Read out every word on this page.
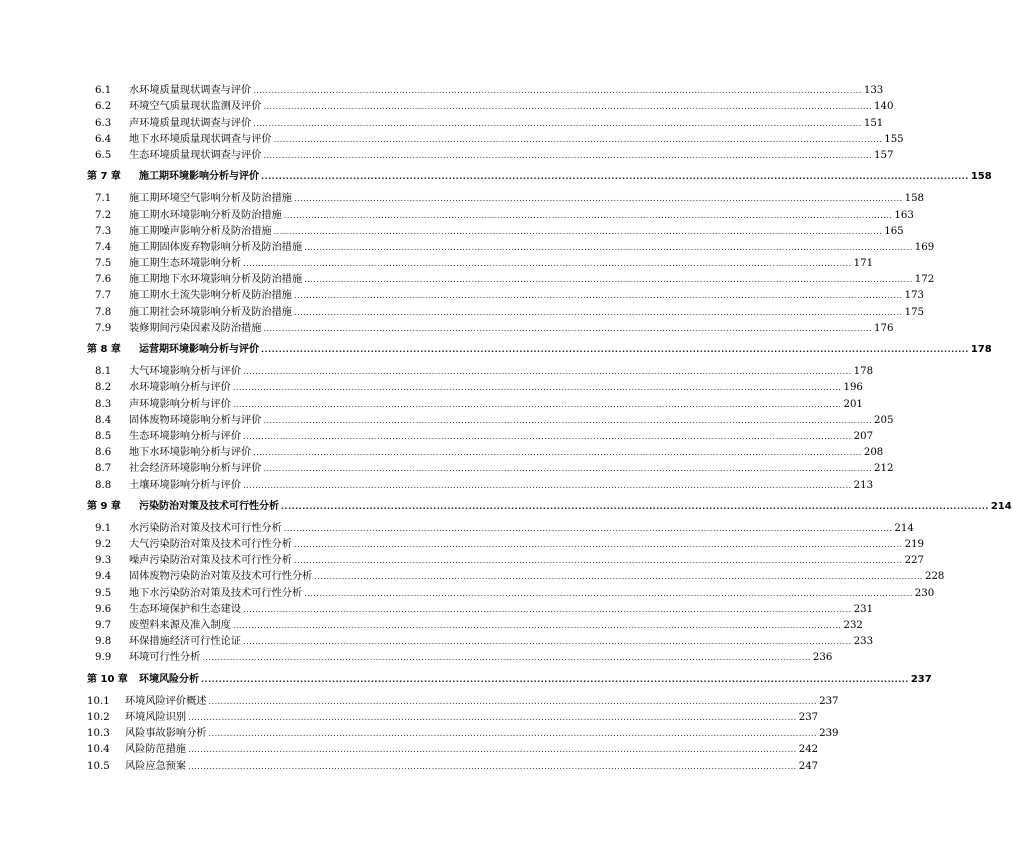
6.1	水环境质量现状调查与评价 ........................................................................................................................................................................................................ 133
6.2	环境空气质量现状监测及评价 ........................................................................................................................................................................................................ 140
6.3	声环境质量现状调查与评价 ........................................................................................................................................................................................................ 151
6.4	地下水环境质量现状调查与评价 ........................................................................................................................................................................................................ 155
6.5	生态环境质量现状调查与评价 ........................................................................................................................................................................................................ 157
第 7 章	施工期环境影响分析与评价 ........................................................................................................................................................................................................ 158
7.1	施工期环境空气影响分析及防治措施 ........................................................................................................................................................................................................ 158
7.2	施工期水环境影响分析及防治措施 ........................................................................................................................................................................................................ 163
7.3	施工期噪声影响分析及防治措施 ........................................................................................................................................................................................................ 165
7.4	施工期固体废弃物影响分析及防治措施 ........................................................................................................................................................................................................ 169
7.5	施工期生态环境影响分析 ........................................................................................................................................................................................................ 171
7.6	施工期地下水环境影响分析及防治措施 ........................................................................................................................................................................................................ 172
7.7	施工期水土流失影响分析及防治措施 ........................................................................................................................................................................................................ 173
7.8	施工期社会环境影响分析及防治措施 ........................................................................................................................................................................................................ 175
7.9	装修期间污染因素及防治措施 ........................................................................................................................................................................................................ 176
第 8 章	运营期环境影响分析与评价 ........................................................................................................................................................................................................ 178
8.1	大气环境影响分析与评价 ........................................................................................................................................................................................................ 178
8.2	水环境影响分析与评价 ........................................................................................................................................................................................................ 196
8.3	声环境影响分析与评价 ........................................................................................................................................................................................................ 201
8.4	固体废物环境影响分析与评价 ........................................................................................................................................................................................................ 205
8.5	生态环境影响分析与评价 ........................................................................................................................................................................................................ 207
8.6	地下水环境影响分析与评价 ........................................................................................................................................................................................................ 208
8.7	社会经济环境影响分析与评价 ........................................................................................................................................................................................................ 212
8.8	土壤环境影响分析与评价 ........................................................................................................................................................................................................ 213
第 9 章	污染防治对策及技术可行性分析 ........................................................................................................................................................................................................ 214
9.1	水污染防治对策及技术可行性分析 ........................................................................................................................................................................................................ 214
9.2	大气污染防治对策及技术可行性分析 ........................................................................................................................................................................................................ 219
9.3	噪声污染防治对策及技术可行性分析 ........................................................................................................................................................................................................ 227
9.4	固体废物污染防治对策及技术可行性分析 ........................................................................................................................................................................................................ 228
9.5	地下水污染防治对策及技术可行性分析 ........................................................................................................................................................................................................ 230
9.6	生态环境保护和生态建设 ........................................................................................................................................................................................................ 231
9.7	废塑料来源及准入制度 ........................................................................................................................................................................................................ 232
9.8	环保措施经济可行性论证 ........................................................................................................................................................................................................ 233
9.9	环境可行性分析 ........................................................................................................................................................................................................ 236
第 10 章	环境风险分析 ........................................................................................................................................................................................................ 237
10.1	环境风险评价概述 ........................................................................................................................................................................................................ 237
10.2	环境风险识别 ........................................................................................................................................................................................................ 237
10.3	风险事故影响分析 ........................................................................................................................................................................................................ 239
10.4	风险防范措施 ........................................................................................................................................................................................................ 242
10.5	风险应急预案 ........................................................................................................................................................................................................ 247
